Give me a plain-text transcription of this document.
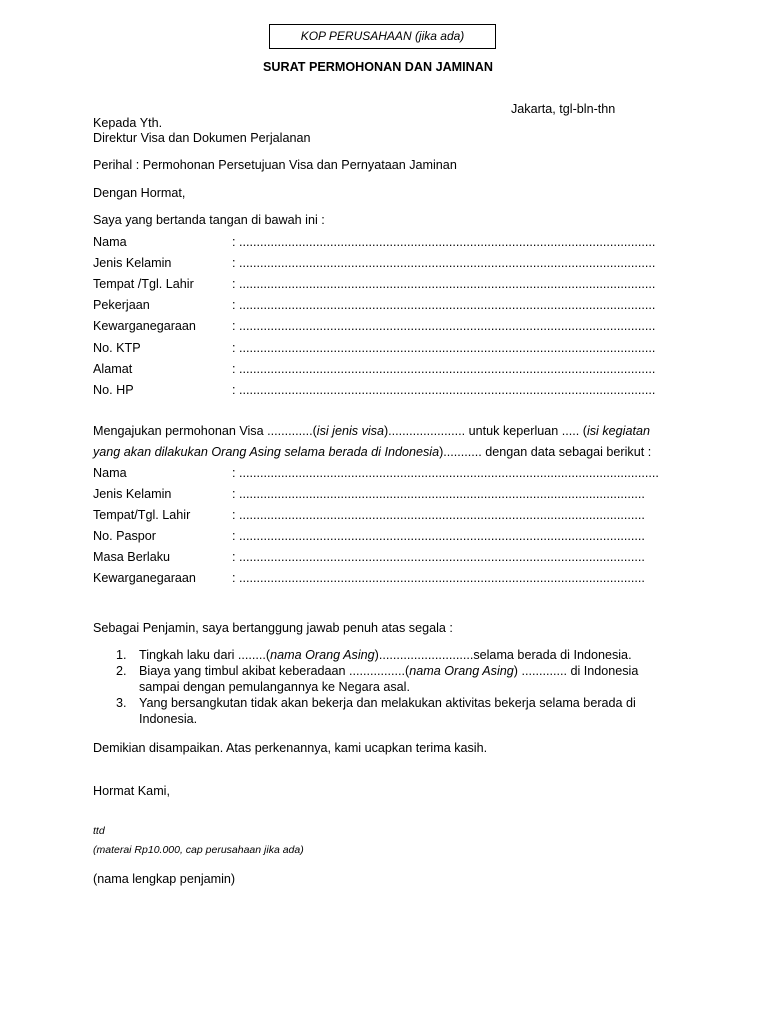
KOP PERUSAHAAN (jika ada)
SURAT PERMOHONAN DAN JAMINAN
Jakarta, tgl-bln-thn
Kepada Yth.
Direktur Visa dan Dokumen Perjalanan
Perihal : Permohonan Persetujuan Visa dan Pernyataan Jaminan
Dengan Hormat,
Saya yang bertanda tangan di bawah ini :
Nama	: .......................................................................................................................
Jenis Kelamin	: .......................................................................................................................
Tempat /Tgl. Lahir	: .......................................................................................................................
Pekerjaan	: .......................................................................................................................
Kewarganegaraan	: .......................................................................................................................
No. KTP	: .......................................................................................................................
Alamat	: .......................................................................................................................
No. HP	: .......................................................................................................................
Mengajukan permohonan Visa .............(isi jenis visa)...................... untuk keperluan ..... (isi kegiatan
yang akan dilakukan Orang Asing selama berada di Indonesia)........... dengan data sebagai berikut :
Nama	: ........................................................................................................................
Jenis Kelamin	: ....................................................................................................................
Tempat/Tgl. Lahir	: ....................................................................................................................
No. Paspor	: ....................................................................................................................
Masa Berlaku	: ....................................................................................................................
Kewarganegaraan	: ....................................................................................................................
Sebagai Penjamin, saya bertanggung jawab penuh atas segala :
1. Tingkah laku dari ........(nama Orang Asing)...........................selama berada di Indonesia.
2. Biaya yang timbul akibat keberadaan ................(nama Orang Asing) ............. di Indonesia
sampai dengan pemulangannya ke Negara asal.
3. Yang bersangkutan tidak akan bekerja dan melakukan aktivitas bekerja selama berada di
Indonesia.
Demikian disampaikan. Atas perkenannya, kami ucapkan terima kasih.
Hormat Kami,
ttd
(materai Rp10.000, cap perusahaan jika ada)
(nama lengkap penjamin)
